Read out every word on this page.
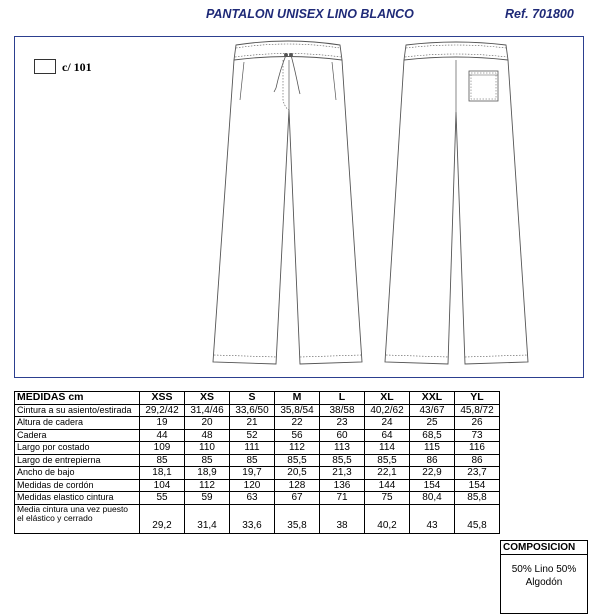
PANTALON UNISEX LINO BLANCO	Ref. 701800
c/ 101
MEDIDAS cm	XSS	XS	S	M	L	XL	XXL	YL
Cintura a su asiento/estirada	29,2/42	31,4/46	33,6/50	35,8/54	38/58	40,2/62	43/67	45,8/72
Altura de cadera	19	20	21	22	23	24	25	26
Cadera	44	48	52	56	60	64	68,5	73
Largo por costado	109	110	111	112	113	114	115	116
Largo de entrepierna	85	85	85	85,5	85,5	85,5	86	86
Ancho de bajo	18,1	18,9	19,7	20,5	21,3	22,1	22,9	23,7
Medidas de cordón	104	112	120	128	136	144	154	154
Medidas elastico cintura	55	59	63	67	71	75	80,4	85,8
Media cintura una vez puesto el elástico y cerrado	29,2	31,4	33,6	35,8	38	40,2	43	45,8
COMPOSICION
50% Lino 50%
Algodón
